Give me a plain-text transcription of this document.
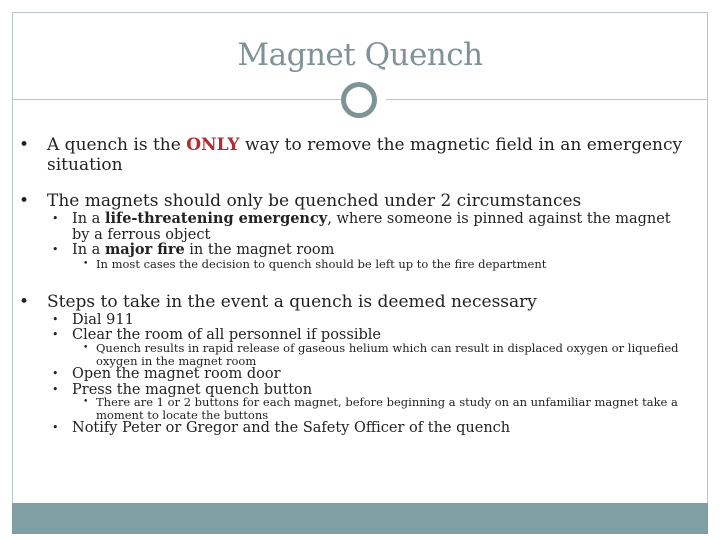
Magnet Quench
• A quench is the ONLY way to remove the magnetic field in an emergency situation
• The magnets should only be quenched under 2 circumstances
• In a life-threatening emergency, where someone is pinned against the magnet by a ferrous object
• In a major fire in the magnet room
• In most cases the decision to quench should be left up to the fire department
• Steps to take in the event a quench is deemed necessary
• Dial 911
• Clear the room of all personnel if possible
• Quench results in rapid release of gaseous helium which can result in displaced oxygen or liquefied oxygen in the magnet room
• Open the magnet room door
• Press the magnet quench button
• There are 1 or 2 buttons for each magnet, before beginning a study on an unfamiliar magnet take a moment to locate the buttons
• Notify Peter or Gregor and the Safety Officer of the quench
